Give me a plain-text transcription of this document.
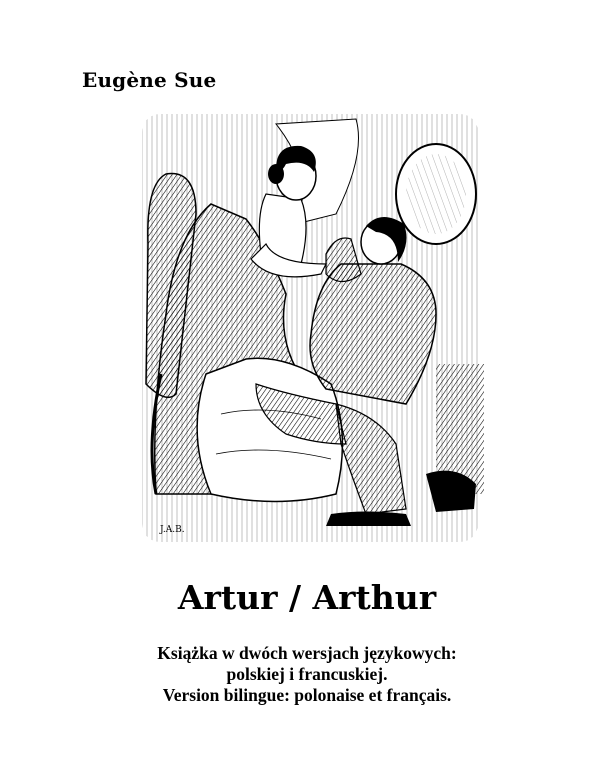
Eugène Sue
J.A.B.
Artur / Arthur
Książka w dwóch wersjach językowych:
polskiej i francuskiej.
Version bilingue: polonaise et français.
